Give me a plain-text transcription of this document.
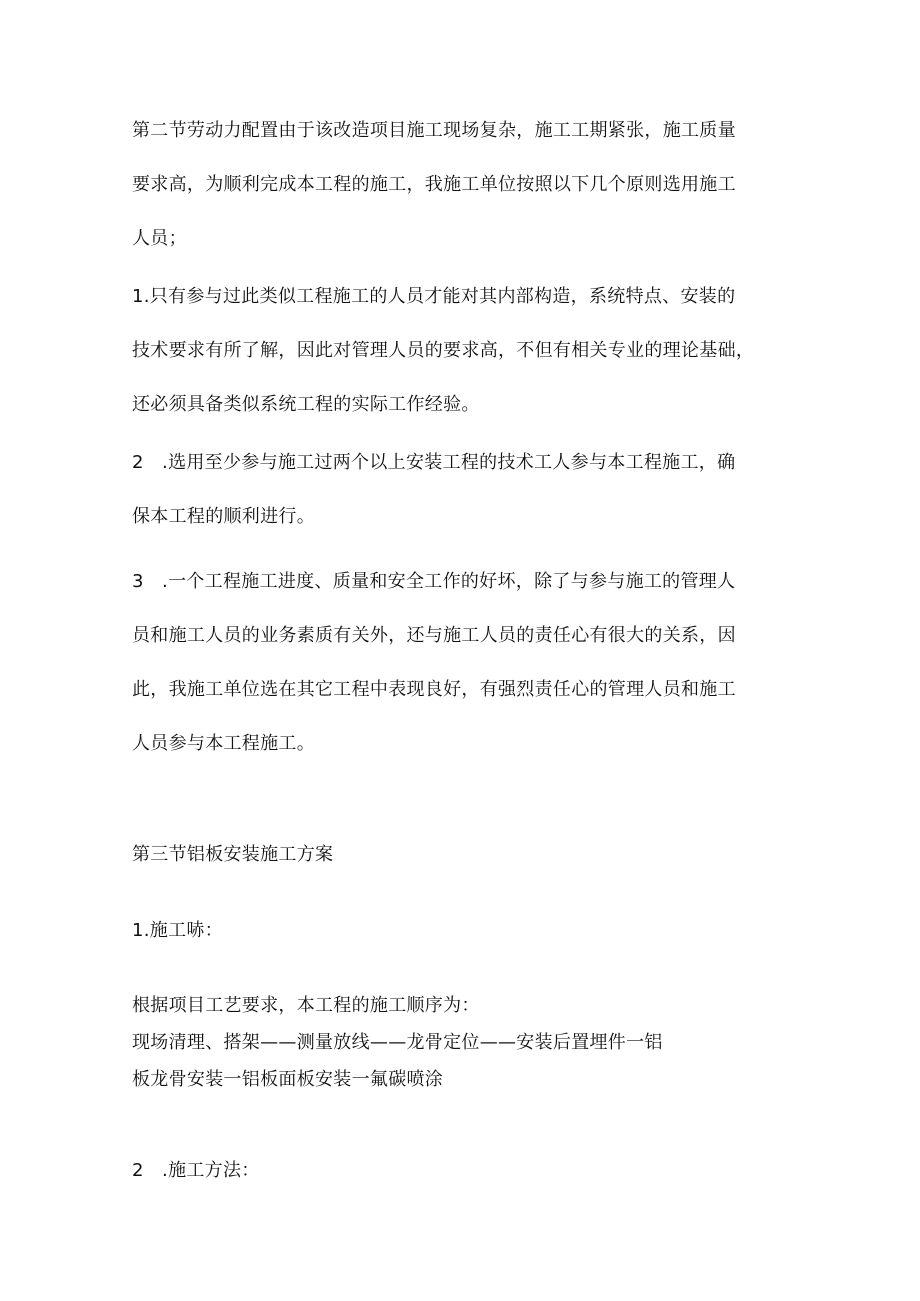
第二节劳动力配置由于该改造项目施工现场复杂，施工工期紧张，施工质量
要求高，为顺利完成本工程的施工，我施工单位按照以下几个原则选用施工
人员；
1.只有参与过此类似工程施工的人员才能对其内部构造，系统特点、安装的
技术要求有所了解，因此对管理人员的要求高，不但有相关专业的理论基础，
还必须具备类似系统工程的实际工作经验。
2　.选用至少参与施工过两个以上安装工程的技术工人参与本工程施工，确
保本工程的顺利进行。
3　.一个工程施工进度、质量和安全工作的好坏，除了与参与施工的管理人
员和施工人员的业务素质有关外，还与施工人员的责任心有很大的关系，因
此，我施工单位选在其它工程中表现良好，有强烈责任心的管理人员和施工
人员参与本工程施工。
第三节铝板安装施工方案
1.施工哧：
根据项目工艺要求，本工程的施工顺序为：
现场清理、搭架——测量放线——龙骨定位——安装后置埋件一铝
板龙骨安装一铝板面板安装一氟碳喷涂
2　.施工方法：
